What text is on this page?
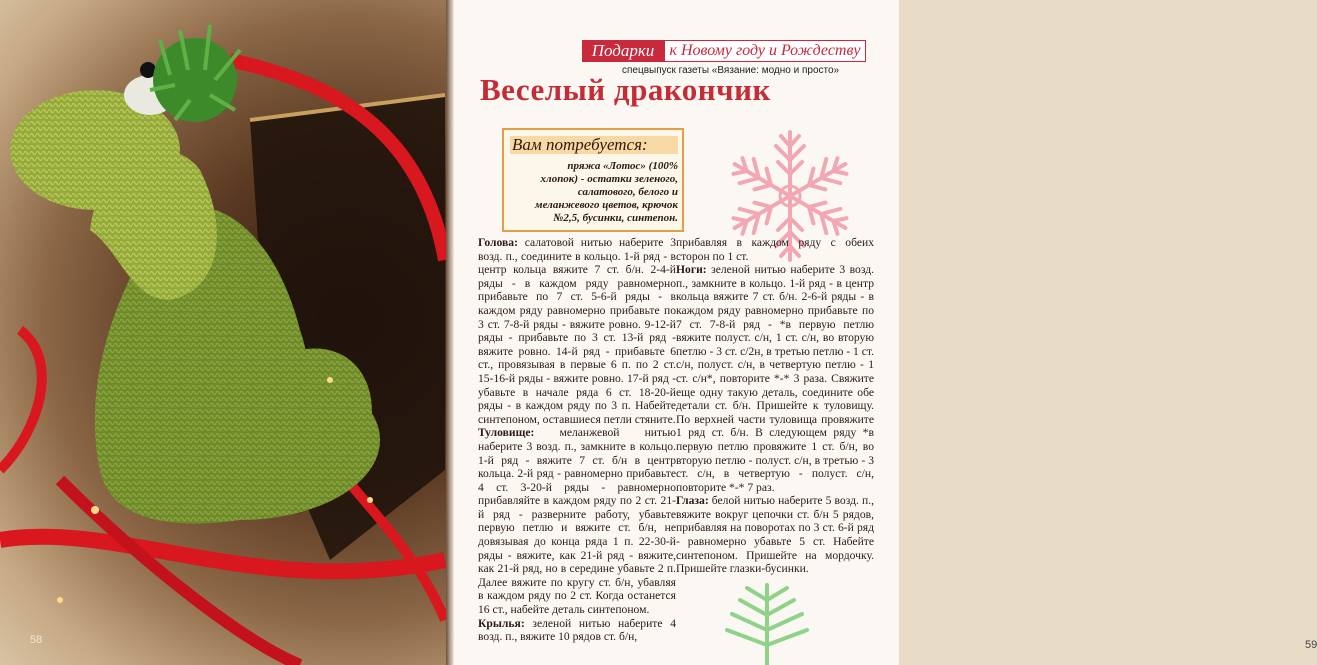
58
Подарки к Новому году и Рождеству
спецвыпуск газеты «Вязание: модно и просто»
Веселый дракончик
Вам потребуется:
пряжа «Лотос» (100% хлопок) - остатки зеленого, салатового, белого и меланжевого цветов, крючок №2,5, бусинки, синтепон.

Голова: салатовой нитью наберите 3 возд. п., соедините в кольцо. 1-й ряд - в центр кольца вяжите 7 ст. б/н. 2-4-й ряды - в каждом ряду равномерно прибавьте по 7 ст. 5-6-й ряды - в каждом ряду равномерно прибавьте по 3 ст. 7-8-й ряды - вяжите ровно. 9-12-й ряды - прибавьте по 3 ст. 13-й ряд - вяжите ровно. 14-й ряд - прибавьте 6 ст., провязывая в первые 6 п. по 2 ст. 15-16-й ряды - вяжите ровно. 17-й ряд - убавьте в начале ряда 6 ст. 18-20-й ряды - в каждом ряду по 3 п. Набейте синтепоном, оставшиеся петли стяните.

Туловище: меланжевой нитью наберите 3 возд. п., замкните в кольцо. 1-й ряд - вяжите 7 ст. б/н в центр кольца. 2-й ряд - равномерно прибавьте 4 ст. 3-20-й ряды - равномерно прибавляйте в каждом ряду по 2 ст. 21-й ряд - разверните работу, убавьте первую петлю и вяжите ст. б/н, не довязывая до конца ряда 1 п. 22-30-й ряды - вяжите, как 21-й ряд - вяжите, как 21-й ряд, но в середине убавьте 2 п. Далее вяжите по кругу ст. б/н, убавляя в каждом ряду по 2 ст. Когда останется 16 ст., набейте деталь синтепоном.

Крылья: зеленой нитью наберите 4 возд. п., вяжите 10 рядов ст. б/н,

прибавляя в каждом ряду с обеих сторон по 1 ст.

Ноги: зеленой нитью наберите 3 возд. п., замкните в кольцо. 1-й ряд - в центр кольца вяжите 7 ст. б/н. 2-6-й ряды - в каждом ряду равномерно прибавьте по 7 ст. 7-8-й ряд - *в первую петлю вяжите полуст. с/н, 1 ст. с/н, во вторую петлю - 3 ст. с/2н, в третью петлю - 1 ст. с/н, полуст. с/н, в четвертую петлю - 1 ст. с/н*, повторите *-* 3 раза. Свяжите еще одну такую деталь, соедините обе детали ст. б/н. Пришейте к туловищу. По верхней части туловища провяжите 1 ряд ст. б/н. В следующем ряду *в первую петлю провяжите 1 ст. б/н, во вторую петлю - полуст. с/н, в третью - 3 ст. с/н, в четвертую - полуст. с/н, повторите *-* 7 раз.

Глаза: белой нитью наберите 5 возд. п., вяжите вокруг цепочки ст. б/н 5 рядов, прибавляя на поворотах по 3 ст. 6-й ряд - равномерно убавьте 5 ст. Набейте синтепоном. Пришейте на мордочку. Пришейте глазки-бусинки.

59
